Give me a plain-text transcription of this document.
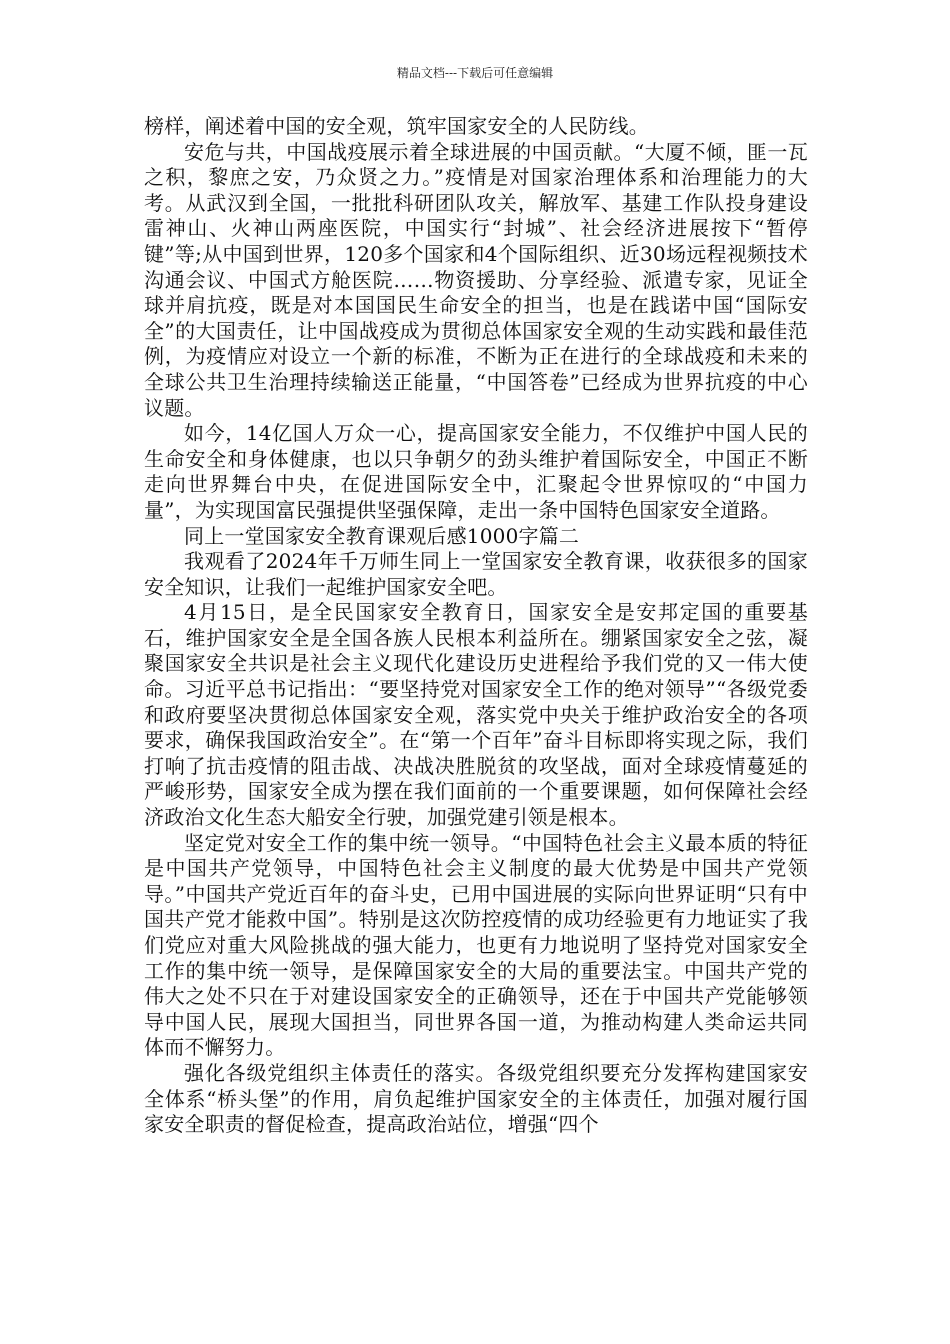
精品文档---下载后可任意编辑

榜样，阐述着中国的安全观，筑牢国家安全的人民防线。

安危与共，中国战疫展示着全球进展的中国贡献。“大厦不倾，匪一瓦之积，黎庶之安，乃众贤之力。”疫情是对国家治理体系和治理能力的大考。从武汉到全国，一批批科研团队攻关，解放军、基建工作队投身建设雷神山、火神山两座医院，中国实行“封城”、社会经济进展按下“暂停键”等;从中国到世界，120多个国家和4个国际组织、近30场远程视频技术沟通会议、中国式方舱医院……物资援助、分享经验、派遣专家，见证全球并肩抗疫，既是对本国国民生命安全的担当，也是在践诺中国“国际安全”的大国责任，让中国战疫成为贯彻总体国家安全观的生动实践和最佳范例，为疫情应对设立一个新的标准，不断为正在进行的全球战疫和未来的全球公共卫生治理持续输送正能量，“中国答卷”已经成为世界抗疫的中心议题。

如今，14亿国人万众一心，提高国家安全能力，不仅维护中国人民的生命安全和身体健康，也以只争朝夕的劲头维护着国际安全，中国正不断走向世界舞台中央，在促进国际安全中，汇聚起令世界惊叹的“中国力量”，为实现国富民强提供坚强保障，走出一条中国特色国家安全道路。

同上一堂国家安全教育课观后感1000字篇二

我观看了2024年千万师生同上一堂国家安全教育课，收获很多的国家安全知识，让我们一起维护国家安全吧。

4月15日，是全民国家安全教育日，国家安全是安邦定国的重要基石，维护国家安全是全国各族人民根本利益所在。绷紧国家安全之弦，凝聚国家安全共识是社会主义现代化建设历史进程给予我们党的又一伟大使命。习近平总书记指出：“要坚持党对国家安全工作的绝对领导”“各级党委和政府要坚决贯彻总体国家安全观，落实党中央关于维护政治安全的各项要求，确保我国政治安全”。在“第一个百年”奋斗目标即将实现之际，我们打响了抗击疫情的阻击战、决战决胜脱贫的攻坚战，面对全球疫情蔓延的严峻形势，国家安全成为摆在我们面前的一个重要课题，如何保障社会经济政治文化生态大船安全行驶，加强党建引领是根本。

坚定党对安全工作的集中统一领导。“中国特色社会主义最本质的特征是中国共产党领导，中国特色社会主义制度的最大优势是中国共产党领导。”中国共产党近百年的奋斗史，已用中国进展的实际向世界证明“只有中国共产党才能救中国”。特别是这次防控疫情的成功经验更有力地证实了我们党应对重大风险挑战的强大能力，也更有力地说明了坚持党对国家安全工作的集中统一领导，是保障国家安全的大局的重要法宝。中国共产党的伟大之处不只在于对建设国家安全的正确领导，还在于中国共产党能够领导中国人民，展现大国担当，同世界各国一道，为推动构建人类命运共同体而不懈努力。

强化各级党组织主体责任的落实。各级党组织要充分发挥构建国家安全体系“桥头堡”的作用，肩负起维护国家安全的主体责任，加强对履行国家安全职责的督促检查，提高政治站位，增强“四个
